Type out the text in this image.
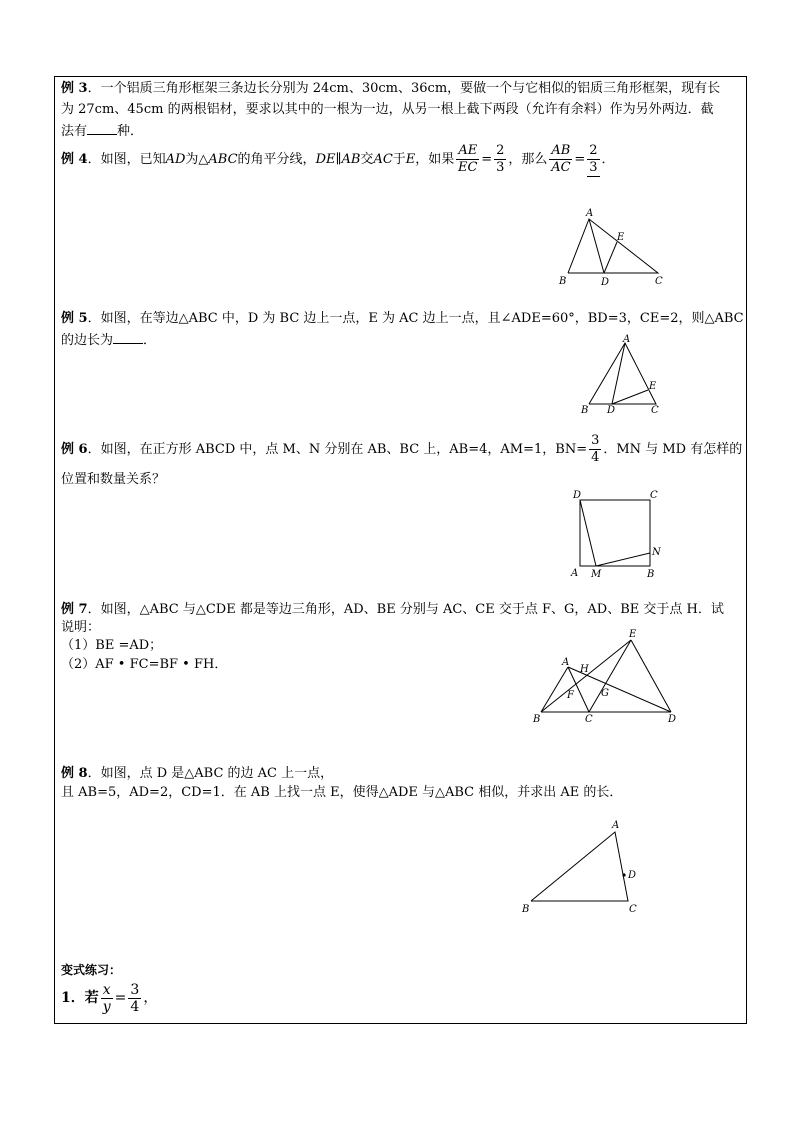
例 3．一个铝质三角形框架三条边长分别为 24cm、30cm、36cm，要做一个与它相似的铝质三角形框架，现有长
为 27cm、45cm 的两根铝材，要求以其中的一根为一边，从另一根上截下两段（允许有余料）作为另外两边．截
法有 种．
例 4．如图，已知AD为△ABC的角平分线，DE∥AB交AC于E，如果 $\frac{AE}{EC} = \frac{2}{3}$ ，那么 $\frac{AB}{AC} = \frac{2}{3}$ ．
A
E
B	D	C
例 5．如图，在等边△ABC 中，D 为 BC 边上一点，E 为 AC 边上一点，且∠ADE=60°，BD=3，CE=2，则△ABC
的边长为 ．	A
E
B D	C
例 6．如图，在正方形 ABCD 中，点 M、N 分别在 AB、BC 上，AB=4，AM=1，$BN= \frac{3}{4}$ ．MN 与 MD 有怎样的
位置和数量关系？
D	C
N
A M	B
例 7．如图，△ABC 与△CDE 都是等边三角形，AD、BE 分别与 AC、CE 交于点 F、G，AD、BE 交于点 H．试
说明：
（1）BE =AD；
（2）AF • FC=BF • FH．
E
A
H
F	G
B	C	D
例 8．如图，点 D 是△ABC 的边 AC 上一点，
且 AB=5，AD=2，CD=1．在 AB 上找一点 E，使得△ADE 与△ABC 相似，并求出 AE 的长．
A
D
B	C
变式练习：
1．若 $\frac{x}{y} = \frac{3}{4}$ ，
